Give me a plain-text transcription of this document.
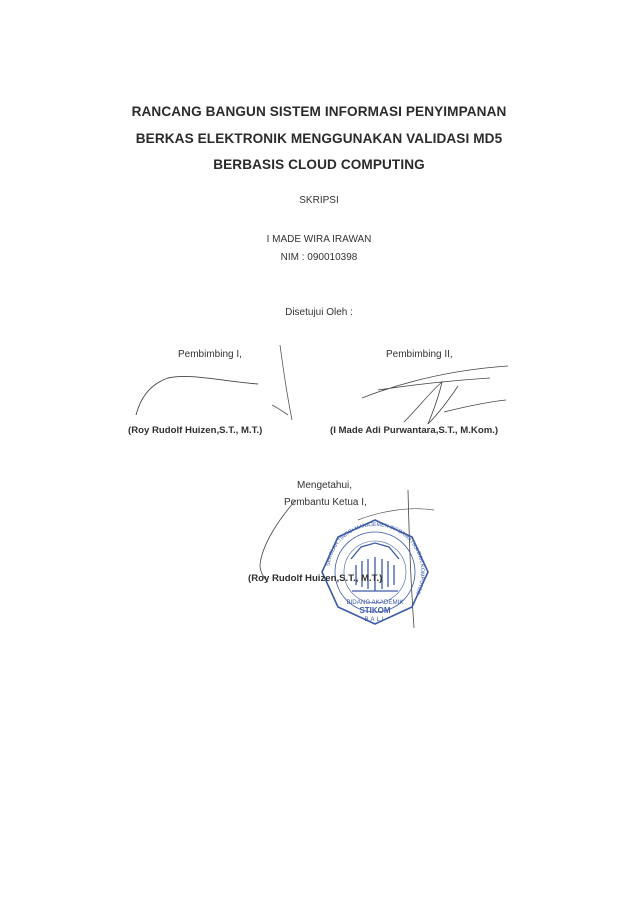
RANCANG BANGUN SISTEM INFORMASI PENYIMPANAN
BERKAS ELEKTRONIK MENGGUNAKAN VALIDASI MD5
BERBASIS CLOUD COMPUTING
SKRIPSI
I MADE WIRA IRAWAN
NIM : 090010398
Disetujui Oleh :
Pembimbing I,	Pembimbing II,
(Roy Rudolf Huizen,S.T., M.T.)	(I Made Adi Purwantara,S.T., M.Kom.)
Mengetahui,
Pembantu Ketua I,
SEKOLAH TINGGI MANAJEMEN INFORMATIKA DAN KOMPUTER
BIDANG AKADEMIK
STIKOM
BALI
(Roy Rudolf Huizen,S.T., M.T.)
